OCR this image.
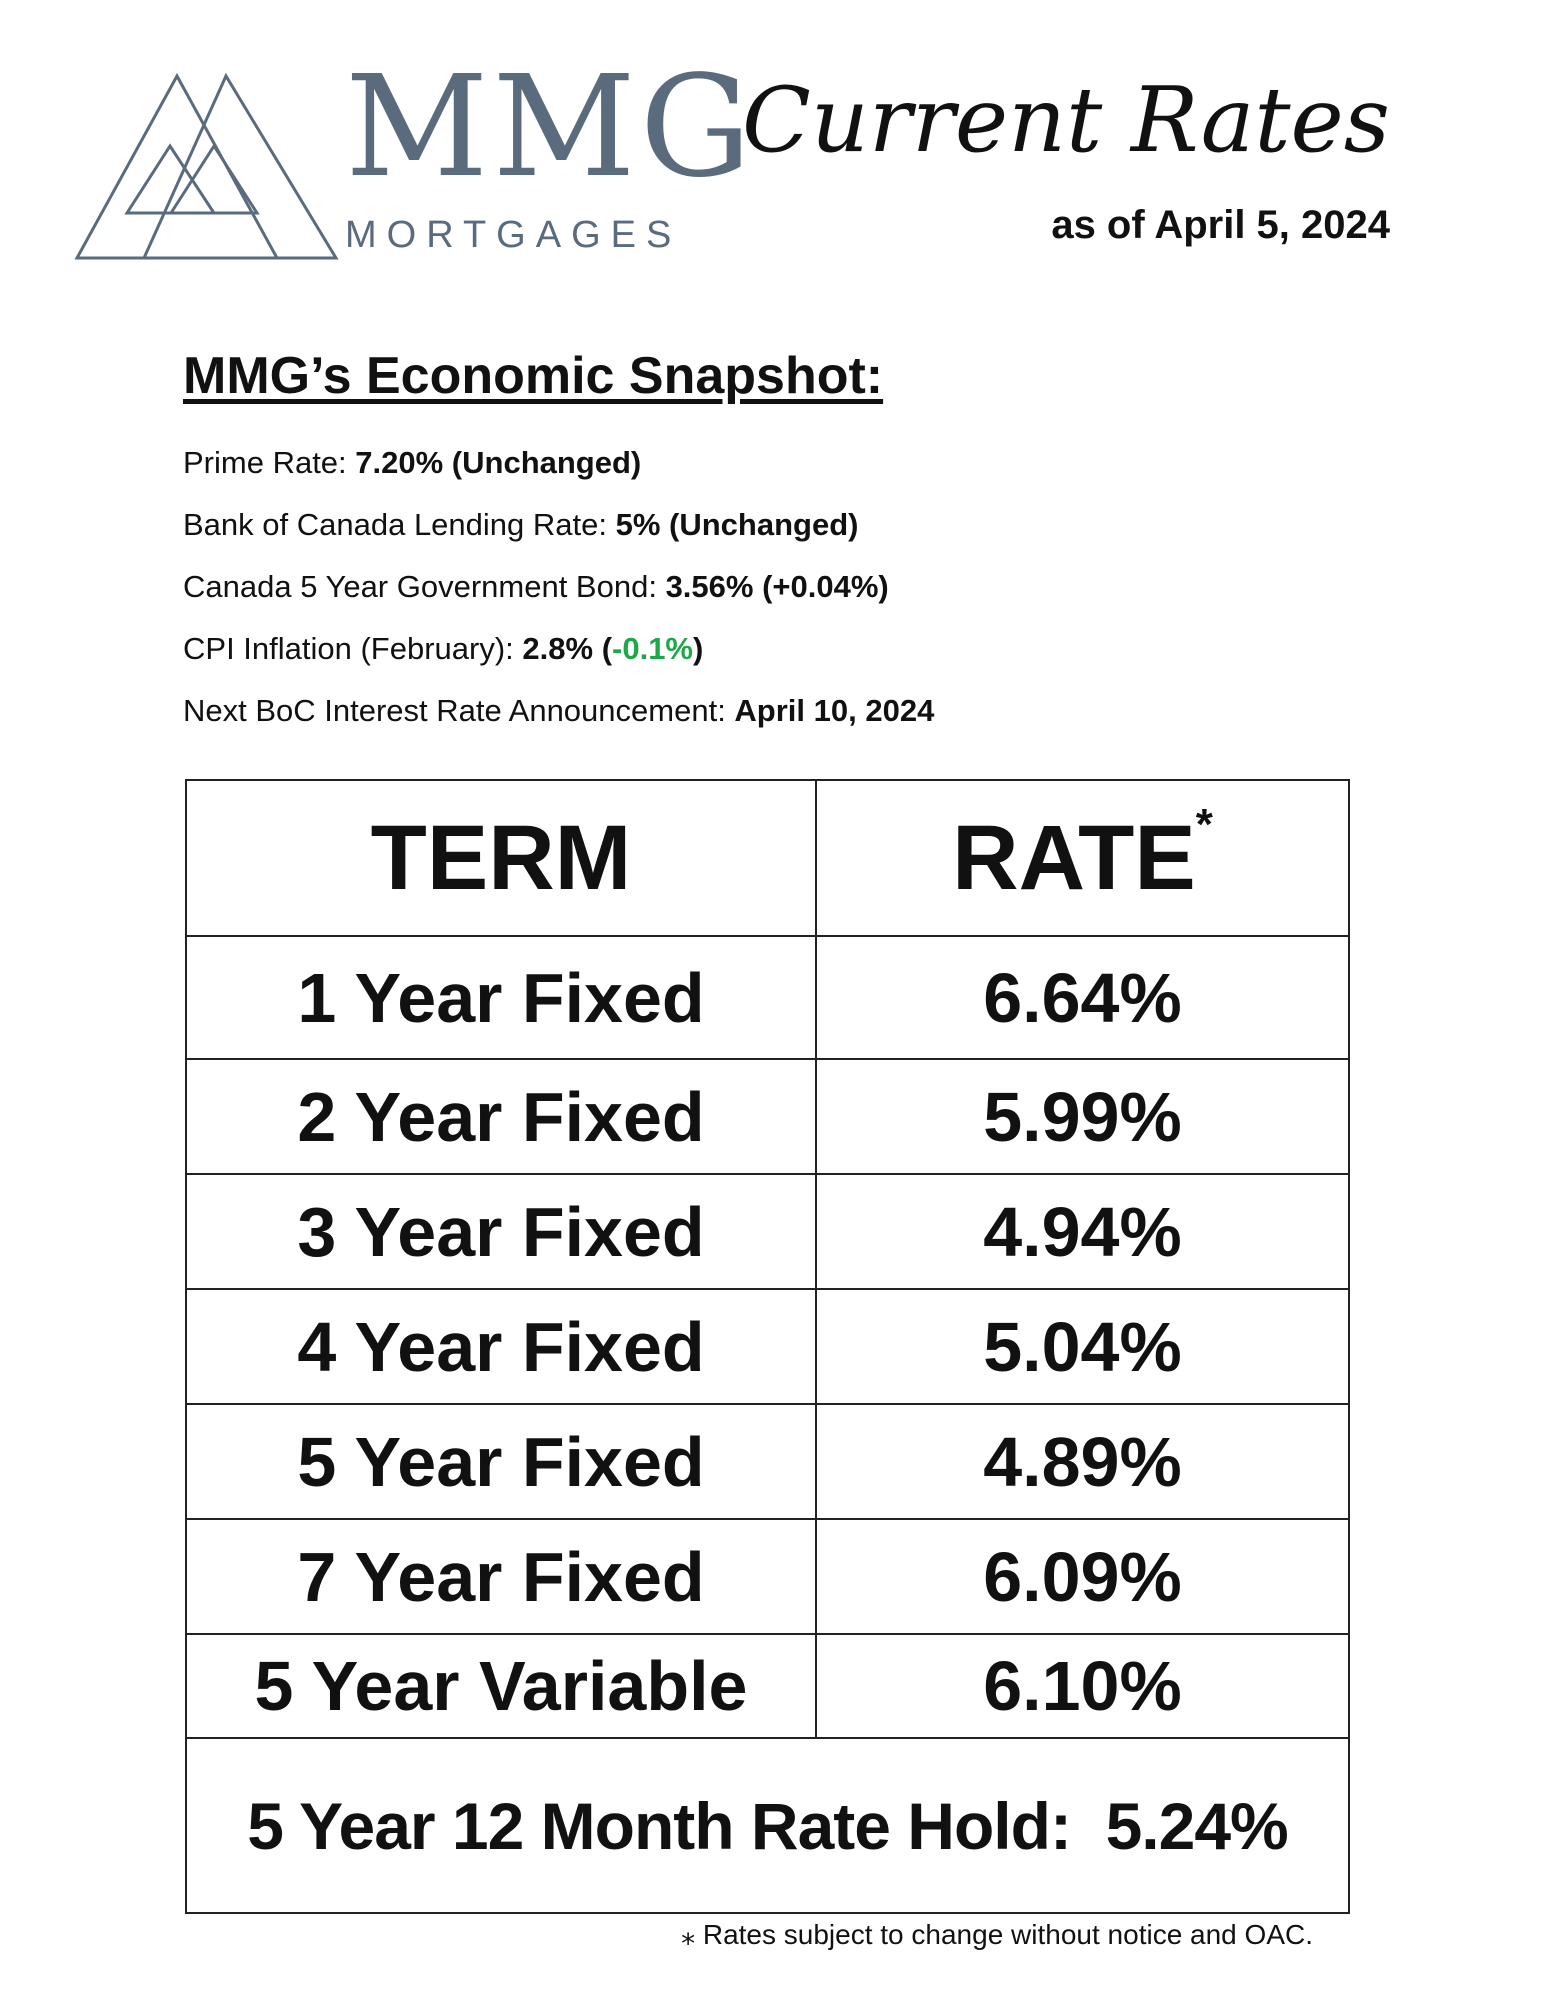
MMG
MORTGAGES
Current Rates
as of April 5, 2024
MMG’s Economic Snapshot:
Prime Rate: 7.20% (Unchanged)
Bank of Canada Lending Rate: 5% (Unchanged)
Canada 5 Year Government Bond: 3.56% (+0.04%)
CPI Inflation (February): 2.8% (-0.1%)
Next BoC Interest Rate Announcement: April 10, 2024
TERM	RATE*
1 Year Fixed	6.64%
2 Year Fixed	5.99%
3 Year Fixed	4.94%
4 Year Fixed	5.04%
5 Year Fixed	4.89%
7 Year Fixed	6.09%
5 Year Variable	6.10%
5 Year 12 Month Rate Hold:  5.24%	
⁎ Rates subject to change without notice and OAC.
